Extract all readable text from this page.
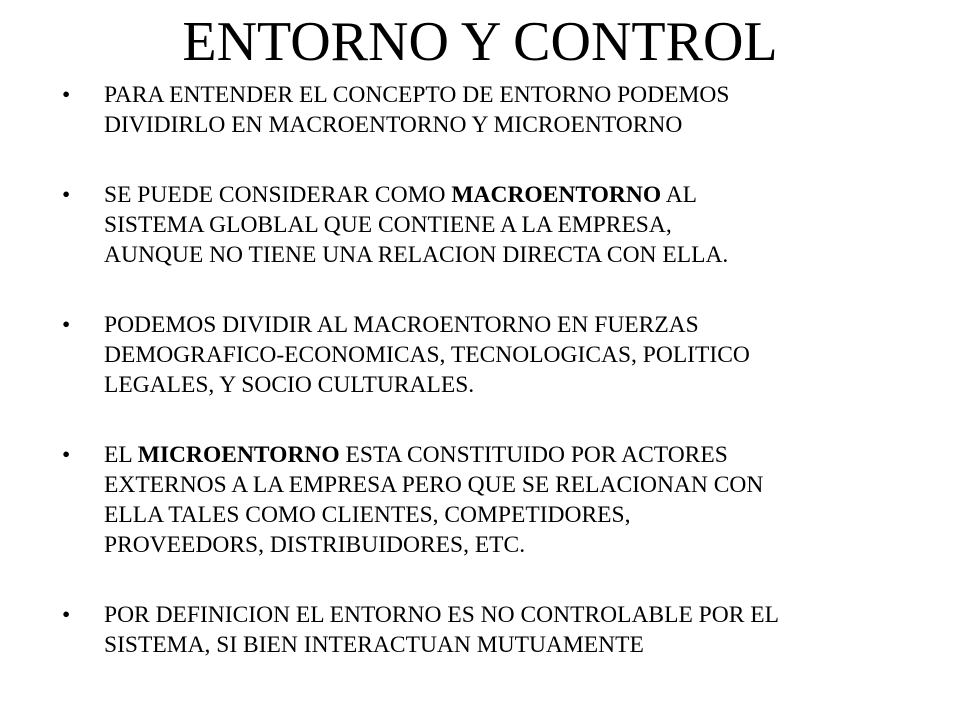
ENTORNO Y CONTROL
• PARA ENTENDER EL CONCEPTO DE ENTORNO PODEMOS
DIVIDIRLO EN MACROENTORNO Y MICROENTORNO
• SE PUEDE CONSIDERAR COMO MACROENTORNO AL
SISTEMA GLOBLAL QUE CONTIENE A LA EMPRESA,
AUNQUE NO TIENE UNA RELACION DIRECTA CON ELLA.
• PODEMOS DIVIDIR AL MACROENTORNO EN FUERZAS
DEMOGRAFICO-ECONOMICAS, TECNOLOGICAS, POLITICO
LEGALES, Y SOCIO CULTURALES.
• EL MICROENTORNO ESTA CONSTITUIDO POR ACTORES
EXTERNOS A LA EMPRESA PERO QUE SE RELACIONAN CON
ELLA TALES COMO CLIENTES, COMPETIDORES,
PROVEEDORS, DISTRIBUIDORES, ETC.
• POR DEFINICION EL ENTORNO ES NO CONTROLABLE POR EL
SISTEMA, SI BIEN INTERACTUAN MUTUAMENTE
